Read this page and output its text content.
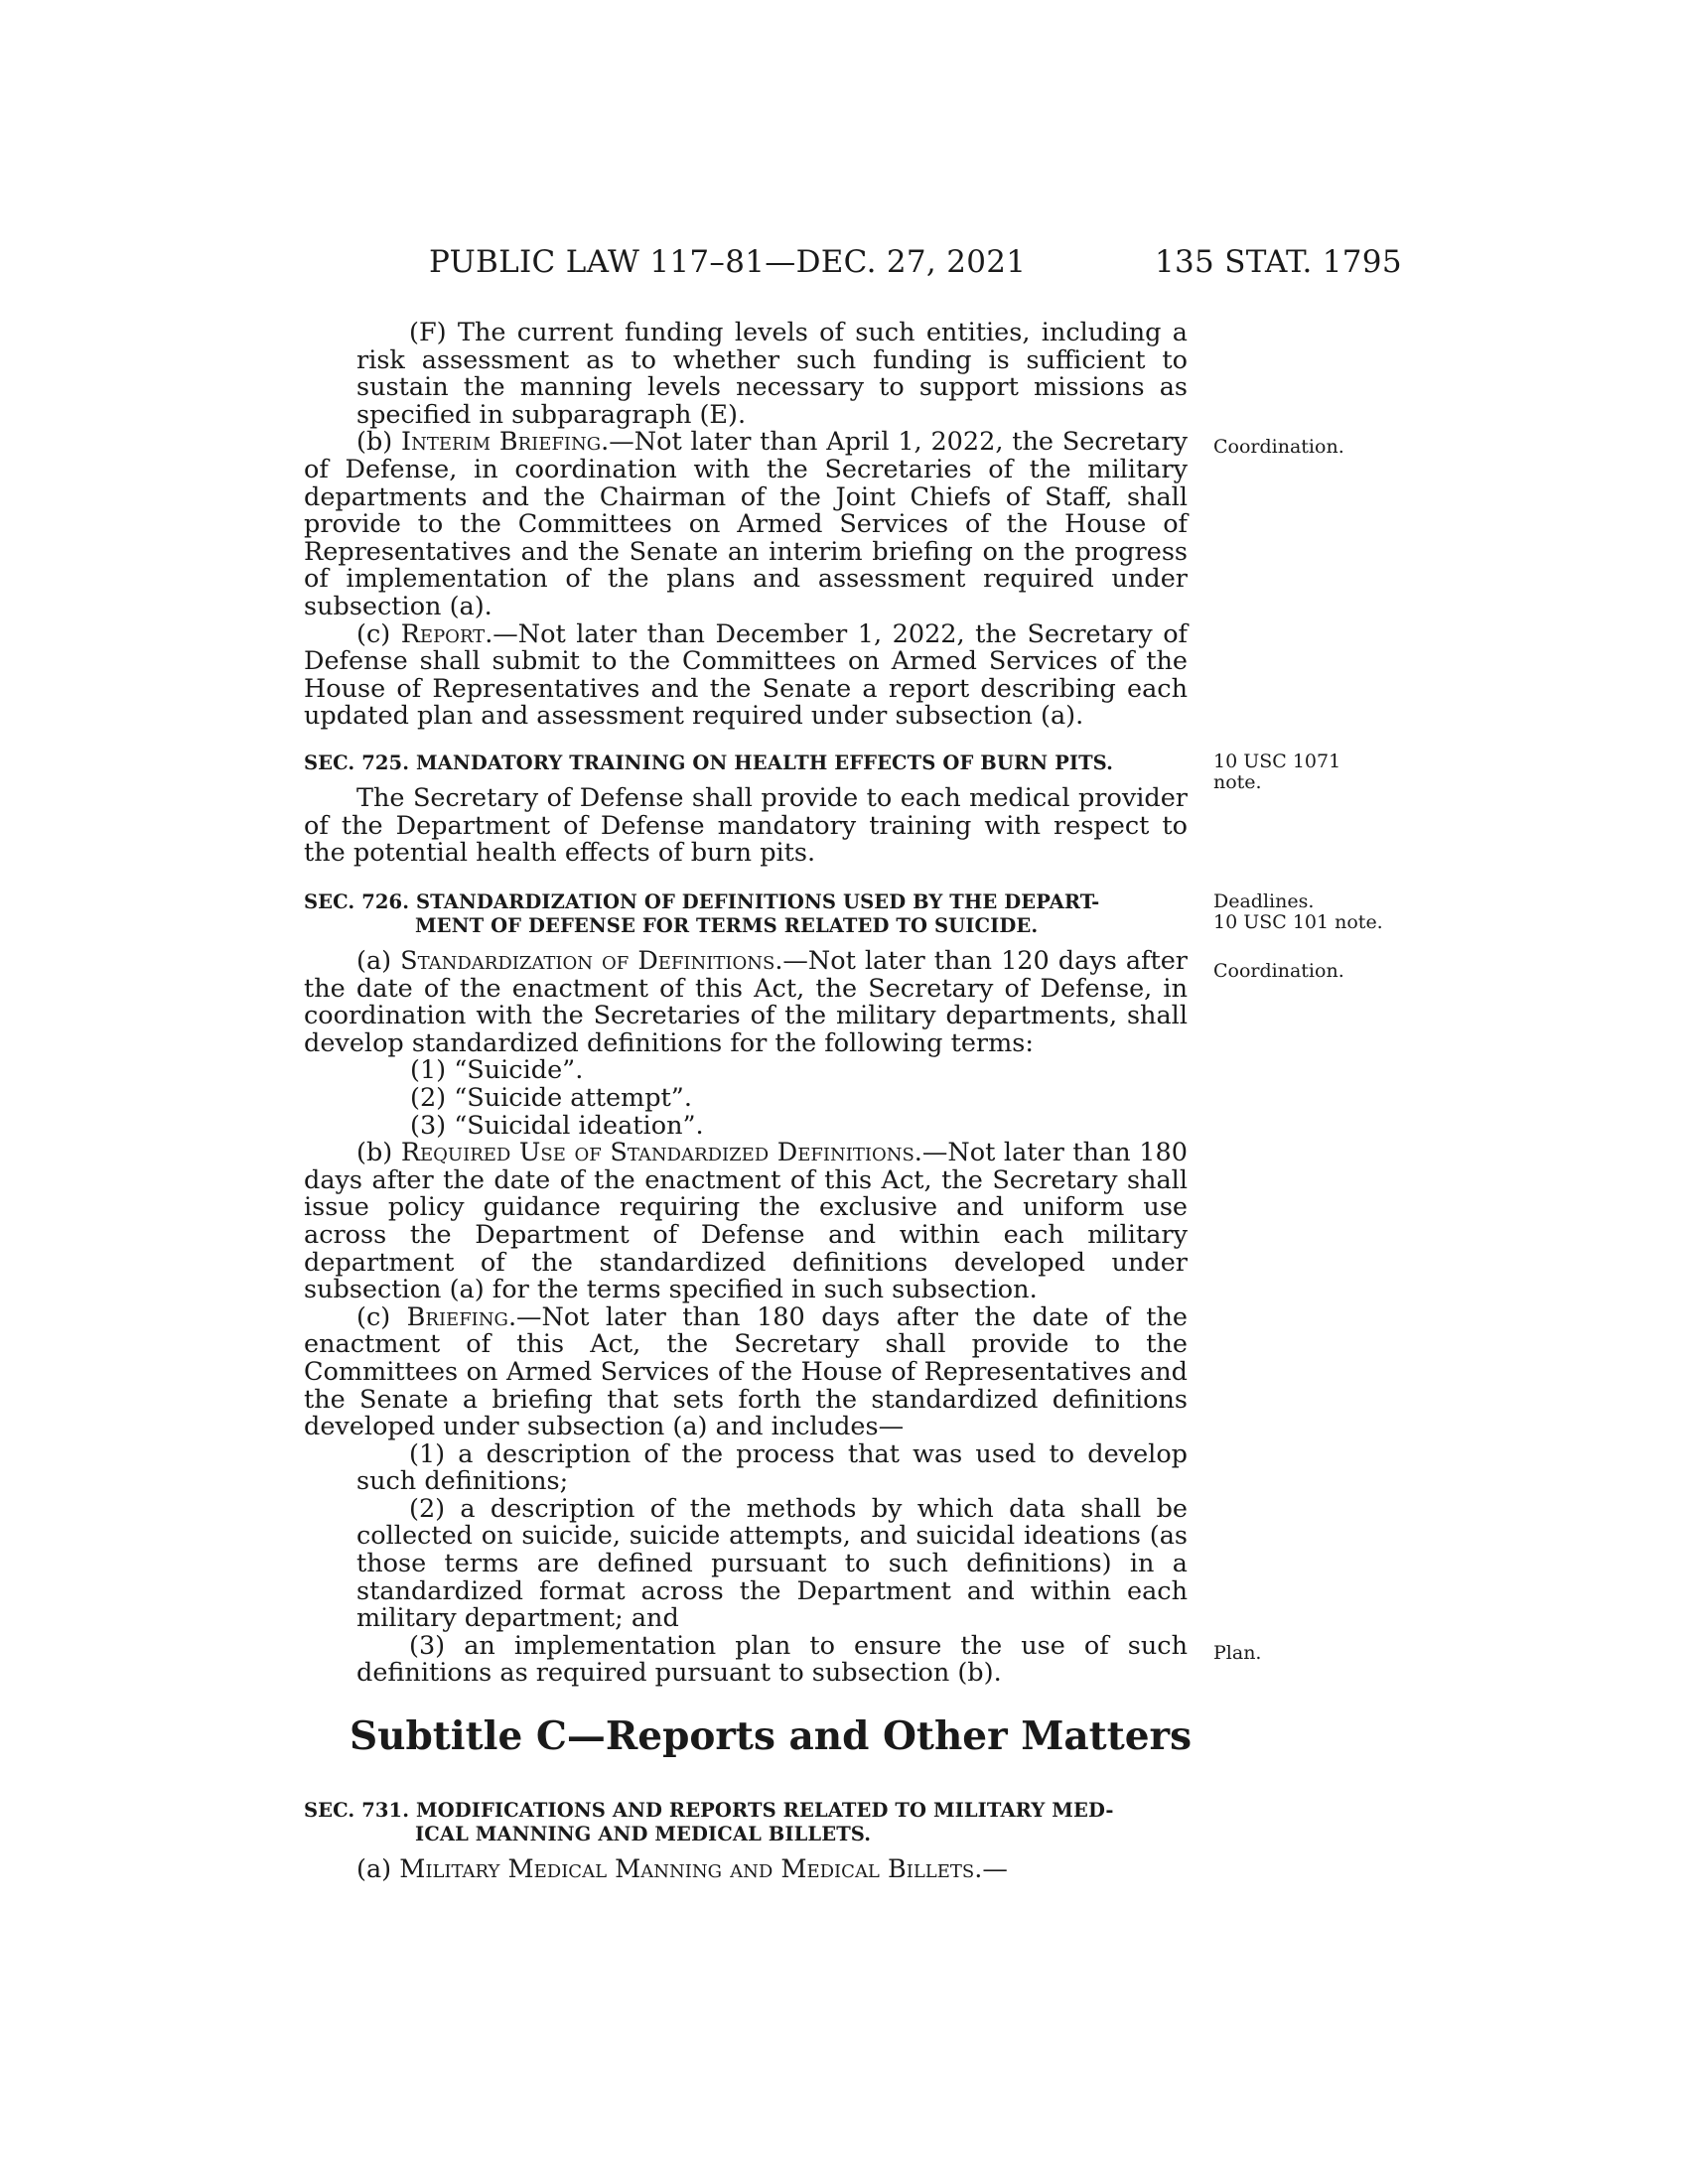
PUBLIC LAW 117–81—DEC. 27, 2021	135 STAT. 1795

(F) The current funding levels of such entities, including a risk assessment as to whether such funding is sufficient to sustain the manning levels necessary to support missions as specified in subparagraph (E).

(b) Interim Briefing.—Not later than April 1, 2022, the Secretary of Defense, in coordination with the Secretaries of the military departments and the Chairman of the Joint Chiefs of Staff, shall provide to the Committees on Armed Services of the House of Representatives and the Senate an interim briefing on the progress of implementation of the plans and assessment required under subsection (a).

(c) Report.—Not later than December 1, 2022, the Secretary of Defense shall submit to the Committees on Armed Services of the House of Representatives and the Senate a report describing each updated plan and assessment required under subsection (a).

SEC. 725. MANDATORY TRAINING ON HEALTH EFFECTS OF BURN PITS.

The Secretary of Defense shall provide to each medical provider of the Department of Defense mandatory training with respect to the potential health effects of burn pits.

SEC. 726. STANDARDIZATION OF DEFINITIONS USED BY THE DEPART-

MENT OF DEFENSE FOR TERMS RELATED TO SUICIDE.

(a) Standardization of Definitions.—Not later than 120 days after the date of the enactment of this Act, the Secretary of Defense, in coordination with the Secretaries of the military departments, shall develop standardized definitions for the following terms:

(1) “Suicide”.

(2) “Suicide attempt”.

(3) “Suicidal ideation”.

(b) Required Use of Standardized Definitions.—Not later than 180 days after the date of the enactment of this Act, the Secretary shall issue policy guidance requiring the exclusive and uniform use across the Department of Defense and within each military department of the standardized definitions developed under subsection (a) for the terms specified in such subsection.

(c) Briefing.—Not later than 180 days after the date of the enactment of this Act, the Secretary shall provide to the Committees on Armed Services of the House of Representatives and the Senate a briefing that sets forth the standardized definitions developed under subsection (a) and includes—

(1) a description of the process that was used to develop such definitions;

(2) a description of the methods by which data shall be collected on suicide, suicide attempts, and suicidal ideations (as those terms are defined pursuant to such definitions) in a standardized format across the Department and within each military department; and

(3) an implementation plan to ensure the use of such definitions as required pursuant to subsection (b).

Subtitle C—Reports and Other Matters

SEC. 731. MODIFICATIONS AND REPORTS RELATED TO MILITARY MED-

ICAL MANNING AND MEDICAL BILLETS.

(a) Military Medical Manning and Medical Billets.—

Coordination.
10 USC 1071
note.
Deadlines.
10 USC 101 note.
Coordination.
Plan.
